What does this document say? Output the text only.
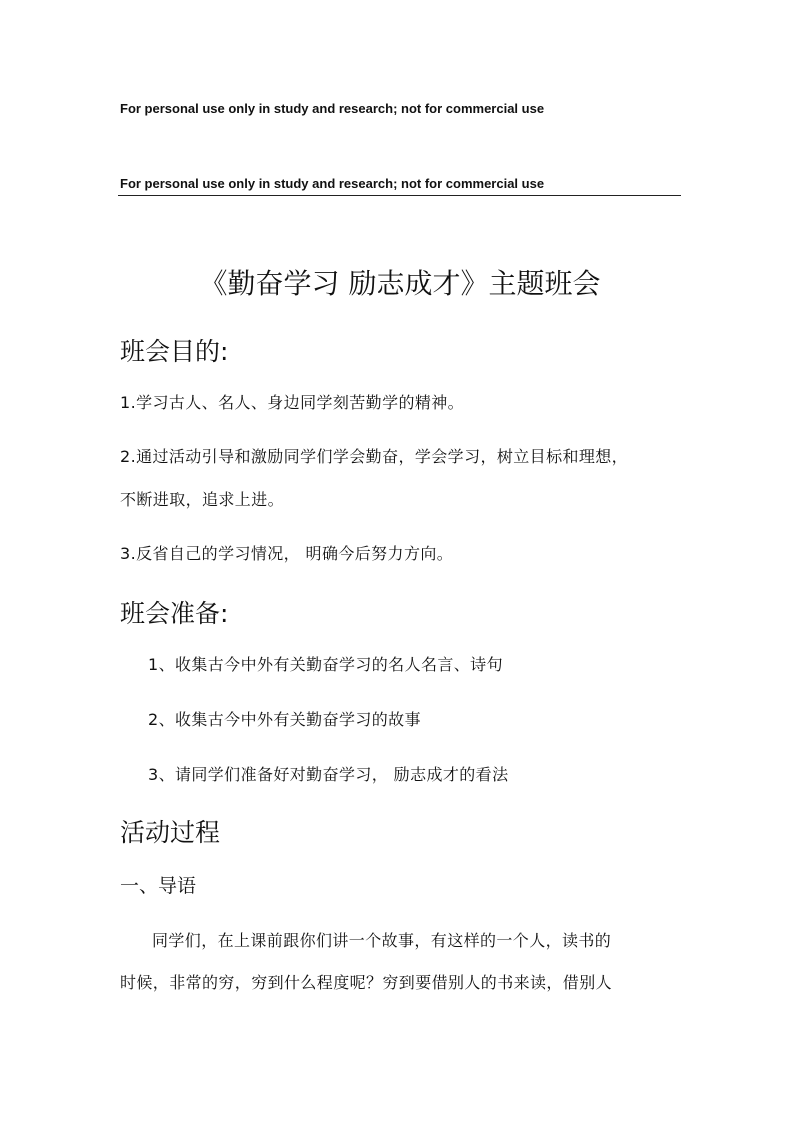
For personal use only in study and research; not for commercial use
For personal use only in study and research; not for commercial use
《勤奋学习 励志成才》主题班会
班会目的:
1.学习古人、名人、身边同学刻苦勤学的精神。
2.通过活动引导和激励同学们学会勤奋，学会学习，树立目标和理想，
不断进取，追求上进。
3.反省自己的学习情况， 明确今后努力方向。
班会准备:
1、收集古今中外有关勤奋学习的名人名言、诗句
2、收集古今中外有关勤奋学习的故事
3、请同学们准备好对勤奋学习， 励志成才的看法
活动过程
一、导语
同学们，在上课前跟你们讲一个故事，有这样的一个人，读书的
时候，非常的穷，穷到什么程度呢？穷到要借别人的书来读，借别人
